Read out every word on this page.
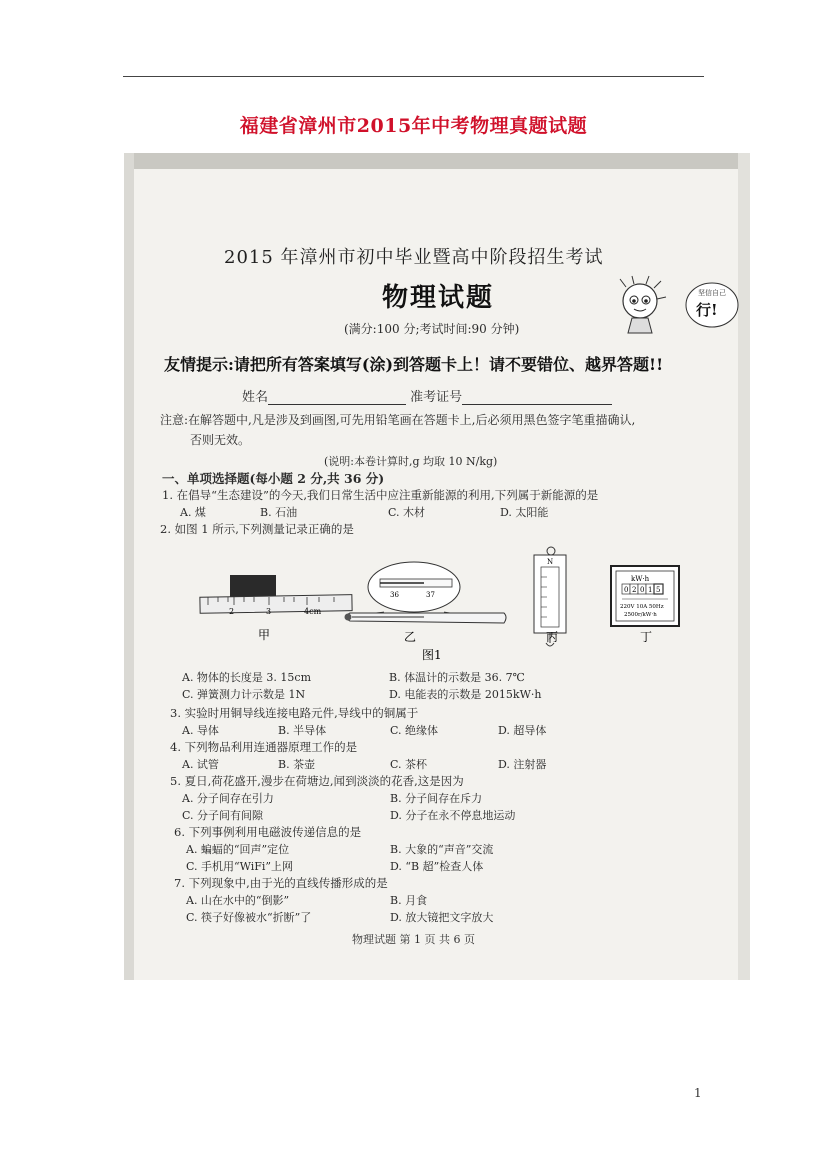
福建省漳州市2015年中考物理真题试题
2015 年漳州市初中毕业暨高中阶段招生考试
物理试题	坚信自己
行!
(满分:100 分;考试时间:90 分钟)
友情提示:请把所有答案填写(涂)到答题卡上！请不要错位、越界答题!!
姓名	准考证号
注意:在解答题中,凡是涉及到画图,可先用铅笔画在答题卡上,后必须用黑色签字笔重描确认,
否则无效。
(说明:本卷计算时,g 均取 10 N/kg)
一、单项选择题(每小题 2 分,共 36 分)
1. 在倡导“生态建设”的今天,我们日常生活中应注重新能源的利用,下列属于新能源的是
A. 煤	B. 石油	C. 木材	D. 太阳能
2. 如图 1 所示,下列测量记录正确的是
2	3	4cm
甲
36	37
乙
N
丙
kW·h
0 2 0 1 5
220V 10A 50Hz
2500r/kW·h
丁
图1
A. 物体的长度是 3. 15cm	B. 体温计的示数是 36. 7℃
C. 弹簧测力计示数是 1N	D. 电能表的示数是 2015kW·h
3. 实验时用铜导线连接电路元件,导线中的铜属于
A. 导体	B. 半导体	C. 绝缘体	D. 超导体
4. 下列物品利用连通器原理工作的是
A. 试管	B. 茶壶	C. 茶杯	D. 注射器
5. 夏日,荷花盛开,漫步在荷塘边,闻到淡淡的花香,这是因为
A. 分子间存在引力	B. 分子间存在斥力
C. 分子间有间隙	D. 分子在永不停息地运动
6. 下列事例利用电磁波传递信息的是
A. 蝙蝠的“回声”定位	B. 大象的“声音”交流
C. 手机用“WiFi”上网	D. “B 超”检查人体
7. 下列现象中,由于光的直线传播形成的是
A. 山在水中的“倒影”	B. 月食
C. 筷子好像被水“折断”了	D. 放大镜把文字放大
物理试题 第 1 页 共 6 页
1
